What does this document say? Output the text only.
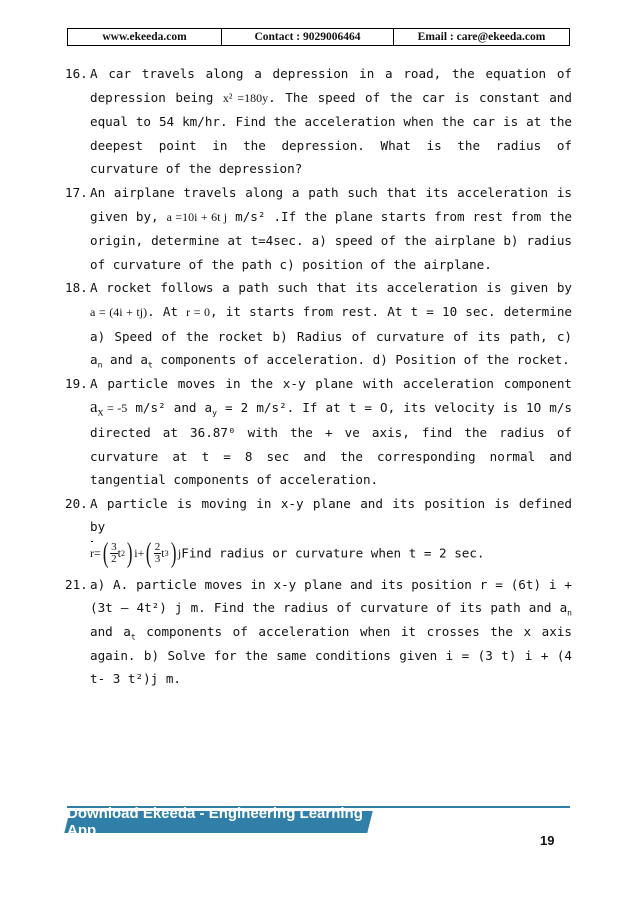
www.ekeeda.com	Contact : 9029006464	Email : care@ekeeda.com
16. A car travels along a depression in a road, the equation of depression being x² =180y. The speed of the car is constant and equal to 54 km/hr. Find the acceleration when the car is at the deepest point in the depression. What is the radius of curvature of the depression?
17. An airplane travels along a path such that its acceleration is given by, a =10i + 6t j m/s² .If the plane starts from rest from the origin, determine at t=4sec. a) speed of the airplane b) radius of curvature of the path c) position of the airplane.
18. A rocket follows a path such that its acceleration is given by a = (4i + tj). At r = 0, it starts from rest. At t = 10 sec. determine a) Speed of the rocket b) Radius of curvature of its path, c) $a_n$ and $a_t$ components of acceleration. d) Position of the rocket.
19. A particle moves in the x-y plane with acceleration component $a_x = -5$ m/s² and $a_y = 2$ m/s². If at t = O, its velocity is 1O m/s directed at 36.87⁰ with the + ve axis, find the radius of curvature at t = 8 sec and the corresponding normal and tangential components of acceleration.
20. A particle is moving in x-y plane and its position is defined by

r = ( $\frac{3}{2}$ t 2 ) i+ ( $\frac{2}{3}$ t 3 ) jFind radius or curvature when t = 2 sec.
21. a) A. particle moves in x-y plane and its position r = (6t) i + (3t – 4t²) j m. Find the radius of curvature of its path and $a_n$ and $a_t$ components of acceleration when it crosses the x axis again. b) Solve for the same conditions given i = (3 t) i + (4 t- 3 t²)j m.
Download Ekeeda - Engineering Learning App
19
